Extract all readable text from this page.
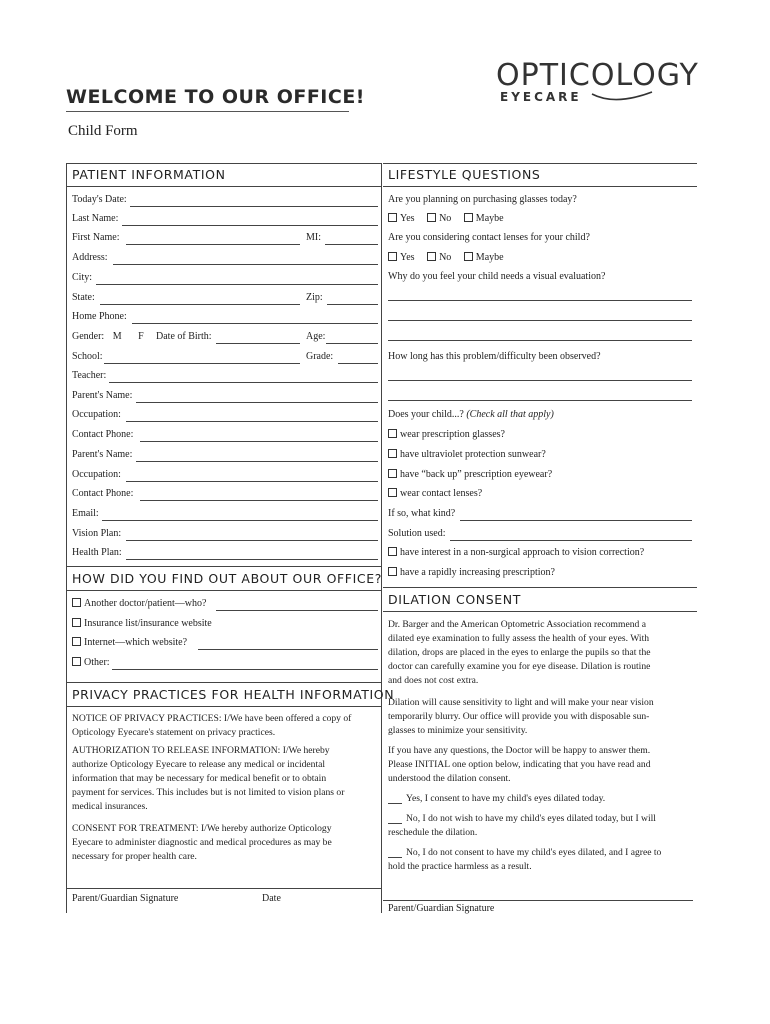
WELCOME TO OUR OFFICE!
Child Form
OPTICOLOGY
EYECARE
PATIENT INFORMATION
Today's Date:
Last Name:
First Name:	MI:
Address:
City:
State:	Zip:
Home Phone:
Gender: M F Date of Birth:	Age:
School:	Grade:
Teacher:
Parent's Name:
Occupation:
Contact Phone:
Parent's Name:
Occupation:
Contact Phone:
Email:
Vision Plan:
Health Plan:
HOW DID YOU FIND OUT ABOUT OUR OFFICE?
Another doctor/patient—who?
Insurance list/insurance website
Internet—which website?
Other:
PRIVACY PRACTICES FOR HEALTH INFORMATION
NOTICE OF PRIVACY PRACTICES: I/We have been offered a copy of
Opticology Eyecare's statement on privacy practices.
AUTHORIZATION TO RELEASE INFORMATION: I/We hereby
authorize Opticology Eyecare to release any medical or incidental
information that may be necessary for medical benefit or to obtain
payment for services. This includes but is not limited to vision plans or
medical insurances.
CONSENT FOR TREATMENT: I/We hereby authorize Opticology
Eyecare to administer diagnostic and medical procedures as may be
necessary for proper health care.
Parent/Guardian Signature	Date
LIFESTYLE QUESTIONS
Are you planning on purchasing glasses today?
Yes No Maybe
Are you considering contact lenses for your child?
Yes No Maybe
Why do you feel your child needs a visual evaluation?
How long has this problem/difficulty been observed?
Does your child...? (Check all that apply)
wear prescription glasses?
have ultraviolet protection sunwear?
have “back up” prescription eyewear?
wear contact lenses?
If so, what kind?
Solution used:
have interest in a non-surgical approach to vision correction?
have a rapidly increasing prescription?
DILATION CONSENT
Dr. Barger and the American Optometric Association recommend a
dilated eye examination to fully assess the health of your eyes. With
dilation, drops are placed in the eyes to enlarge the pupils so that the
doctor can carefully examine you for eye disease. Dilation is routine
and does not cost extra.
Dilation will cause sensitivity to light and will make your near vision
temporarily blurry. Our office will provide you with disposable sun-
glasses to minimize your sensitivity.
If you have any questions, the Doctor will be happy to answer them.
Please INITIAL one option below, indicating that you have read and
understood the dilation consent.
Yes, I consent to have my child's eyes dilated today.
No, I do not wish to have my child's eyes dilated today, but I will
reschedule the dilation.
No, I do not consent to have my child's eyes dilated, and I agree to
hold the practice harmless as a result.
Parent/Guardian Signature
